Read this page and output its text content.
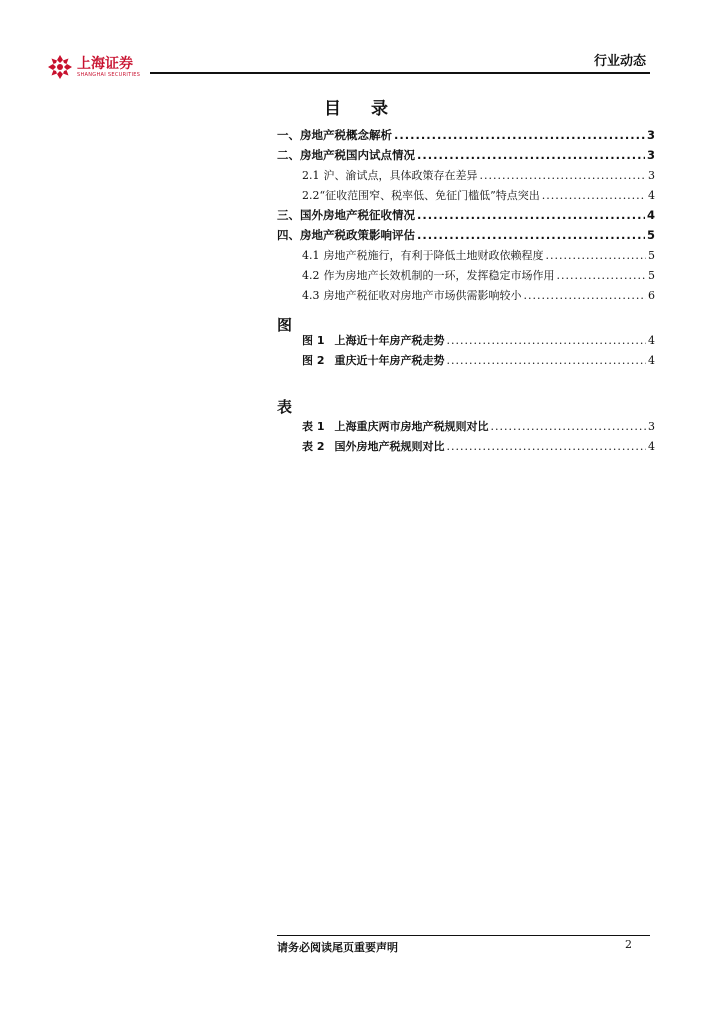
上海证券
SHANGHAI SECURITIES
行业动态
目 录
一、房地产税概念解析 .....	3
二、房地产税国内试点情况 .....	3
2.1 沪、渝试点，具体政策存在差异 .....	3
2.2“征收范围窄、税率低、免征门槛低”特点突出 .....	4
三、国外房地产税征收情况 .....	4
四、房地产税政策影响评估 .....	5
4.1 房地产税施行，有利于降低土地财政依赖程度 .....	5
4.2 作为房地产长效机制的一环，发挥稳定市场作用 .....	5
4.3 房地产税征收对房地产市场供需影响较小 .....	6
图
图 1 上海近十年房产税走势 .....	4
图 2 重庆近十年房产税走势 .....	4
表
表 1 上海重庆两市房地产税规则对比 .....	3
表 2 国外房地产税规则对比 .....	4
请务必阅读尾页重要声明	2
